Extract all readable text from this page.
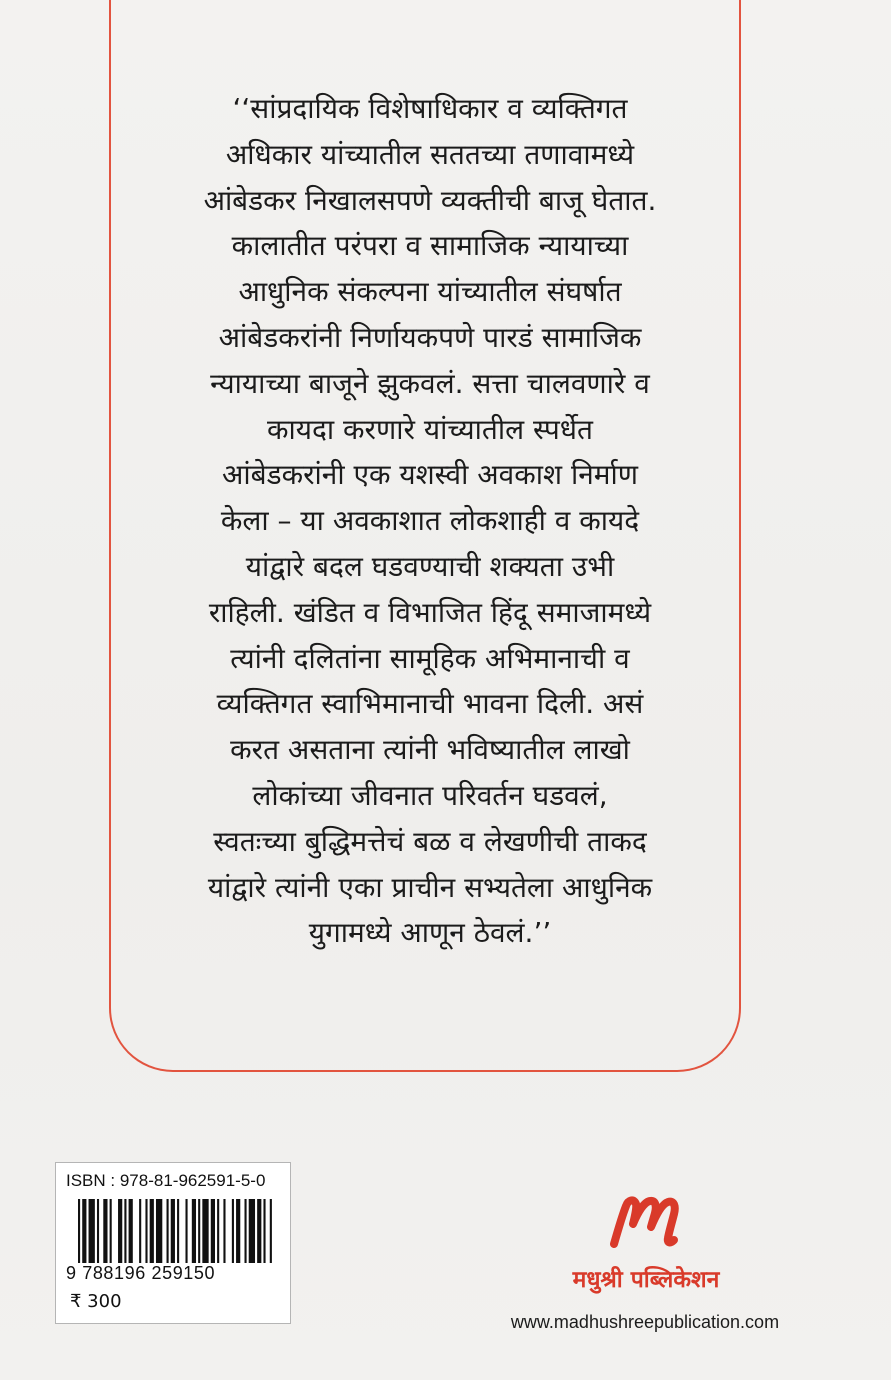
‘‘सांप्रदायिक विशेषाधिकार व व्यक्तिगत
अधिकार यांच्यातील सततच्या तणावामध्ये
आंबेडकर निखालसपणे व्यक्तीची बाजू घेतात.
कालातीत परंपरा व सामाजिक न्यायाच्या
आधुनिक संकल्पना यांच्यातील संघर्षात
आंबेडकरांनी निर्णायकपणे पारडं सामाजिक
न्यायाच्या बाजूने झुकवलं. सत्ता चालवणारे व
कायदा करणारे यांच्यातील स्पर्धेत
आंबेडकरांनी एक यशस्वी अवकाश निर्माण
केला – या अवकाशात लोकशाही व कायदे
यांद्वारे बदल घडवण्याची शक्यता उभी
राहिली. खंडित व विभाजित हिंदू समाजामध्ये
त्यांनी दलितांना सामूहिक अभिमानाची व
व्यक्तिगत स्वाभिमानाची भावना दिली. असं
करत असताना त्यांनी भविष्यातील लाखो
लोकांच्या जीवनात परिवर्तन घडवलं,
स्वतःच्या बुद्धिमत्तेचं बळ व लेखणीची ताकद
यांद्वारे त्यांनी एका प्राचीन सभ्यतेला आधुनिक
युगामध्ये आणून ठेवलं.’’
ISBN : 978-81-962591-5-0
9 788196 259150
₹ 300
मधुश्री पब्लिकेशन
www.madhushreepublication.com
